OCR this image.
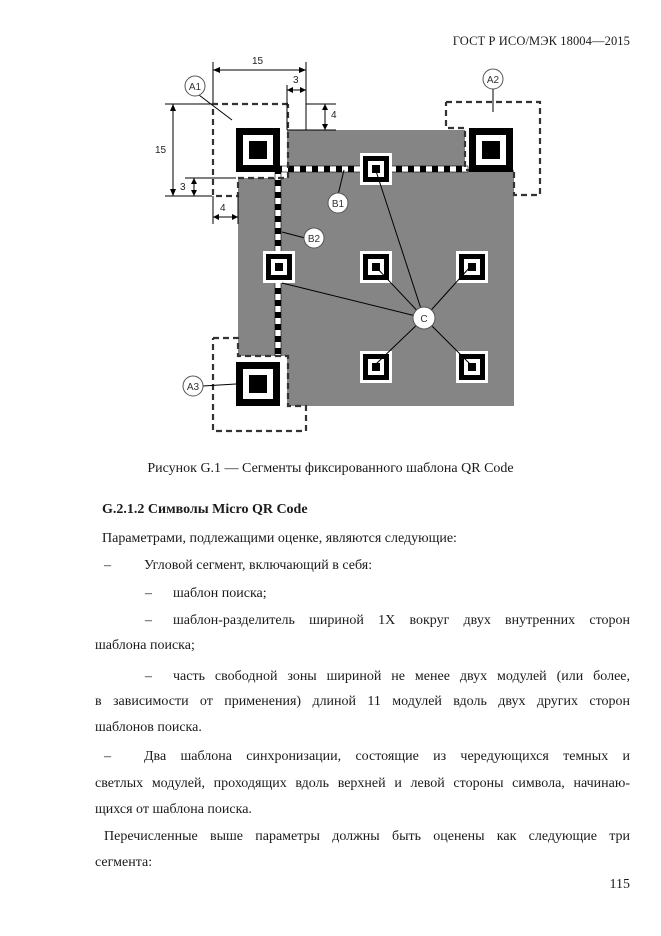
ГОСТ Р ИСО/МЭК 18004—2015
15
3
4
15
3
4
A1
A2
A3
B1
B2
C
Рисунок G.1 — Сегменты фиксированного шаблона QR Code

G.2.1.2 Символы Micro QR Code

Параметрами, подлежащими оценке, являются следующие:

– Угловой сегмент, включающий в себя:

– шаблон поиска;

– шаблон-разделитель шириной 1X вокруг двух внутренних сторон

шаблона поиска;

– часть свободной зоны шириной не менее двух модулей (или более,

в зависимости от применения) длиной 11 модулей вдоль двух других сторон

шаблонов поиска.

– Два шаблона синхронизации, состоящие из чередующихся темных и

светлых модулей, проходящих вдоль верхней и левой стороны символа, начинаю-

щихся от шаблона поиска.

Перечисленные выше параметры должны быть оценены как следующие три

сегмента:

115
